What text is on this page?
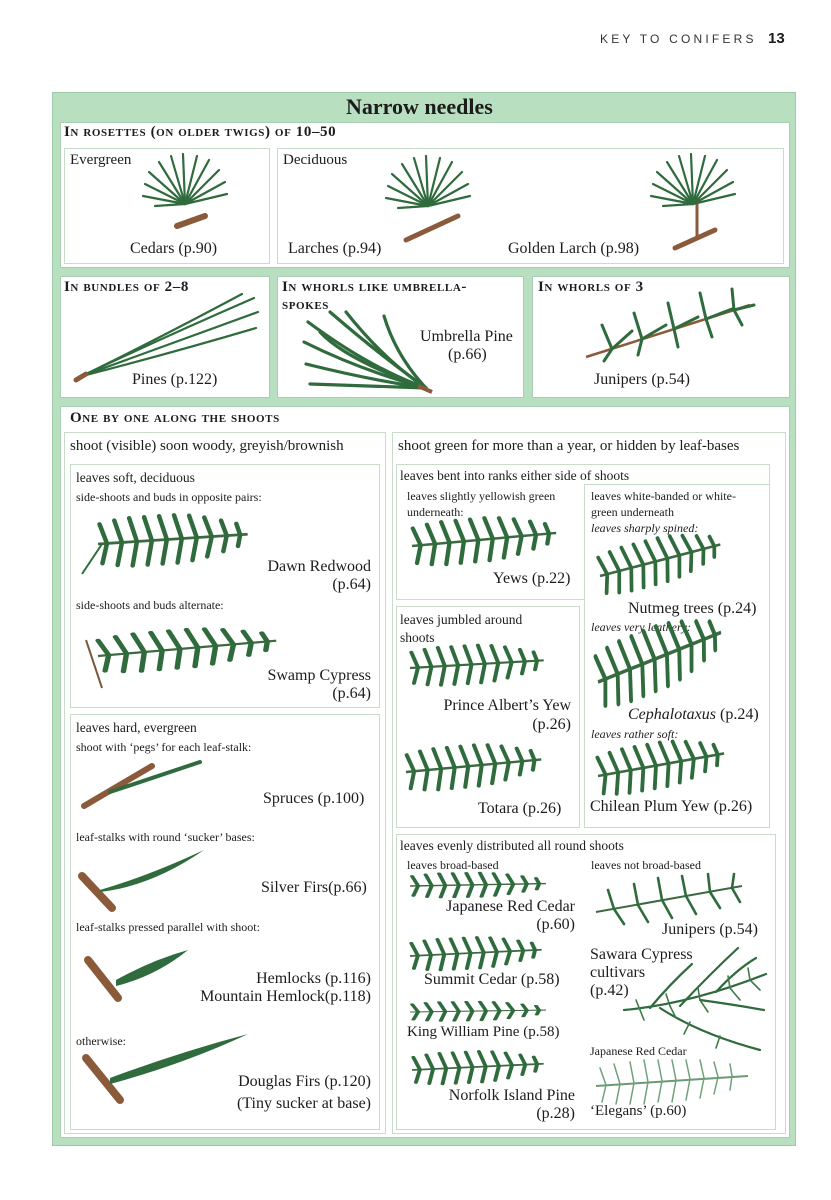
KEY TO CONIFERS 13
Narrow needles
In rosettes (on older twigs) of 10–50
Evergreen
Cedars (p.90)
Deciduous
Larches (p.94)	Golden Larch (p.98)
In bundles of 2–8
Pines (p.122)
In whorls like umbrella-
spokes
Umbrella Pine
(p.66)
In whorls of 3
Junipers (p.54)
One by one along the shoots
shoot (visible) soon woody, greyish/brownish
leaves soft, deciduous
side-shoots and buds in opposite pairs:
Dawn Redwood
(p.64)
side-shoots and buds alternate:
Swamp Cypress
(p.64)
leaves hard, evergreen
shoot with ‘pegs’ for each leaf-stalk:
Spruces (p.100)
leaf-stalks with round ‘sucker’ bases:
Silver Firs(p.66)
leaf-stalks pressed parallel with shoot:
Hemlocks (p.116)
Mountain Hemlock(p.118)
otherwise:
Douglas Firs (p.120)
(Tiny sucker at base)
shoot green for more than a year, or hidden by leaf-bases
leaves bent into ranks either side of shoots
leaves slightly yellowish green
underneath:
Yews (p.22)
leaves white-banded or white-
green underneath
leaves sharply spined:
Nutmeg trees (p.24)
leaves very leathery:
Cephalotaxus (p.24)
leaves rather soft:
Chilean Plum Yew (p.26)
leaves jumbled around
shoots
Prince Albert’s Yew
(p.26)
Totara (p.26)
leaves evenly distributed all round shoots
leaves broad-based	leaves not broad-based
Japanese Red Cedar
(p.60)
Summit Cedar (p.58)
King William Pine (p.58)
Norfolk Island Pine
(p.28)
Junipers (p.54)
Sawara Cypress
cultivars
(p.42)
Japanese Red Cedar
‘Elegans’ (p.60)
